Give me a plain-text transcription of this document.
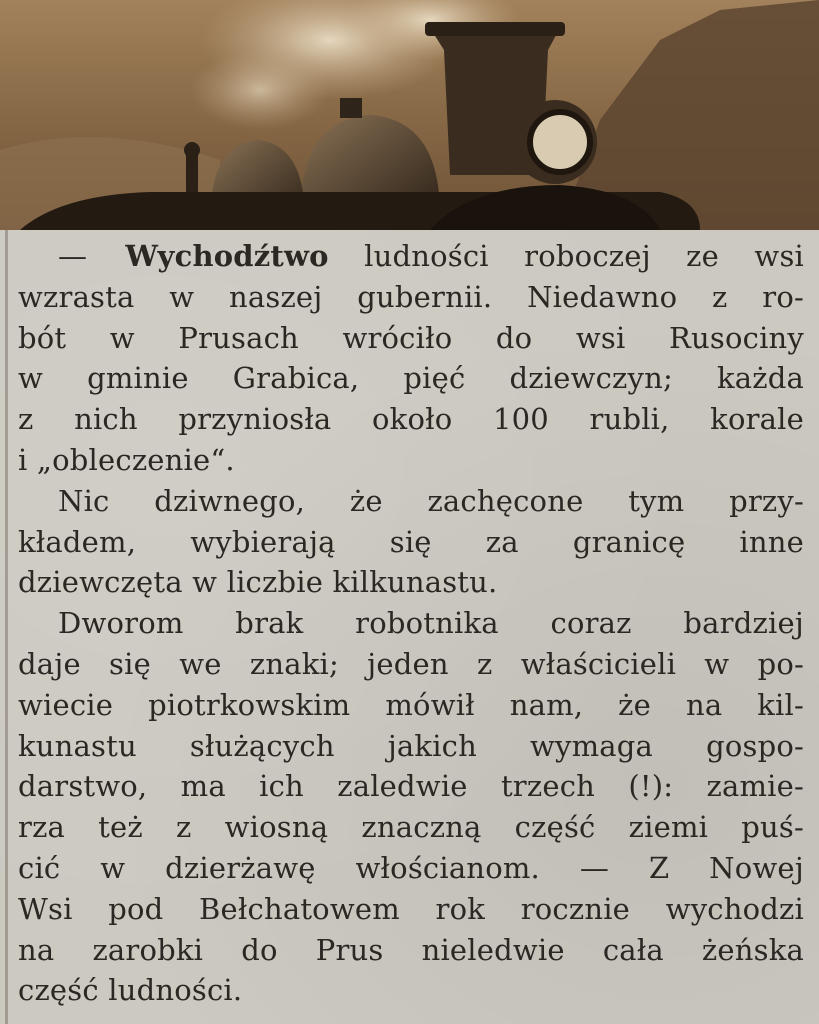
— Wychodźtwo ludności roboczej ze wsi
wzrasta w naszej gubernii. Niedawno z ro-
bót w Prusach wróciło do wsi Rusociny
w gminie Grabica, pięć dziewczyn; każda
z nich przyniosła około 100 rubli, korale
i „obleczenie“.
Nic dziwnego, że zachęcone tym przy-
kładem, wybierają się za granicę inne
dziewczęta w liczbie kilkunastu.
Dworom brak robotnika coraz bardziej
daje się we znaki; jeden z właścicieli w po-
wiecie piotrkowskim mówił nam, że na kil-
kunastu służących jakich wymaga gospo-
darstwo, ma ich zaledwie trzech (!): zamie-
rza też z wiosną znaczną część ziemi puś-
cić w dzierżawę włościanom. — Z Nowej
Wsi pod Bełchatowem rok rocznie wychodzi
na zarobki do Prus nieledwie cała żeńska
część ludności.
